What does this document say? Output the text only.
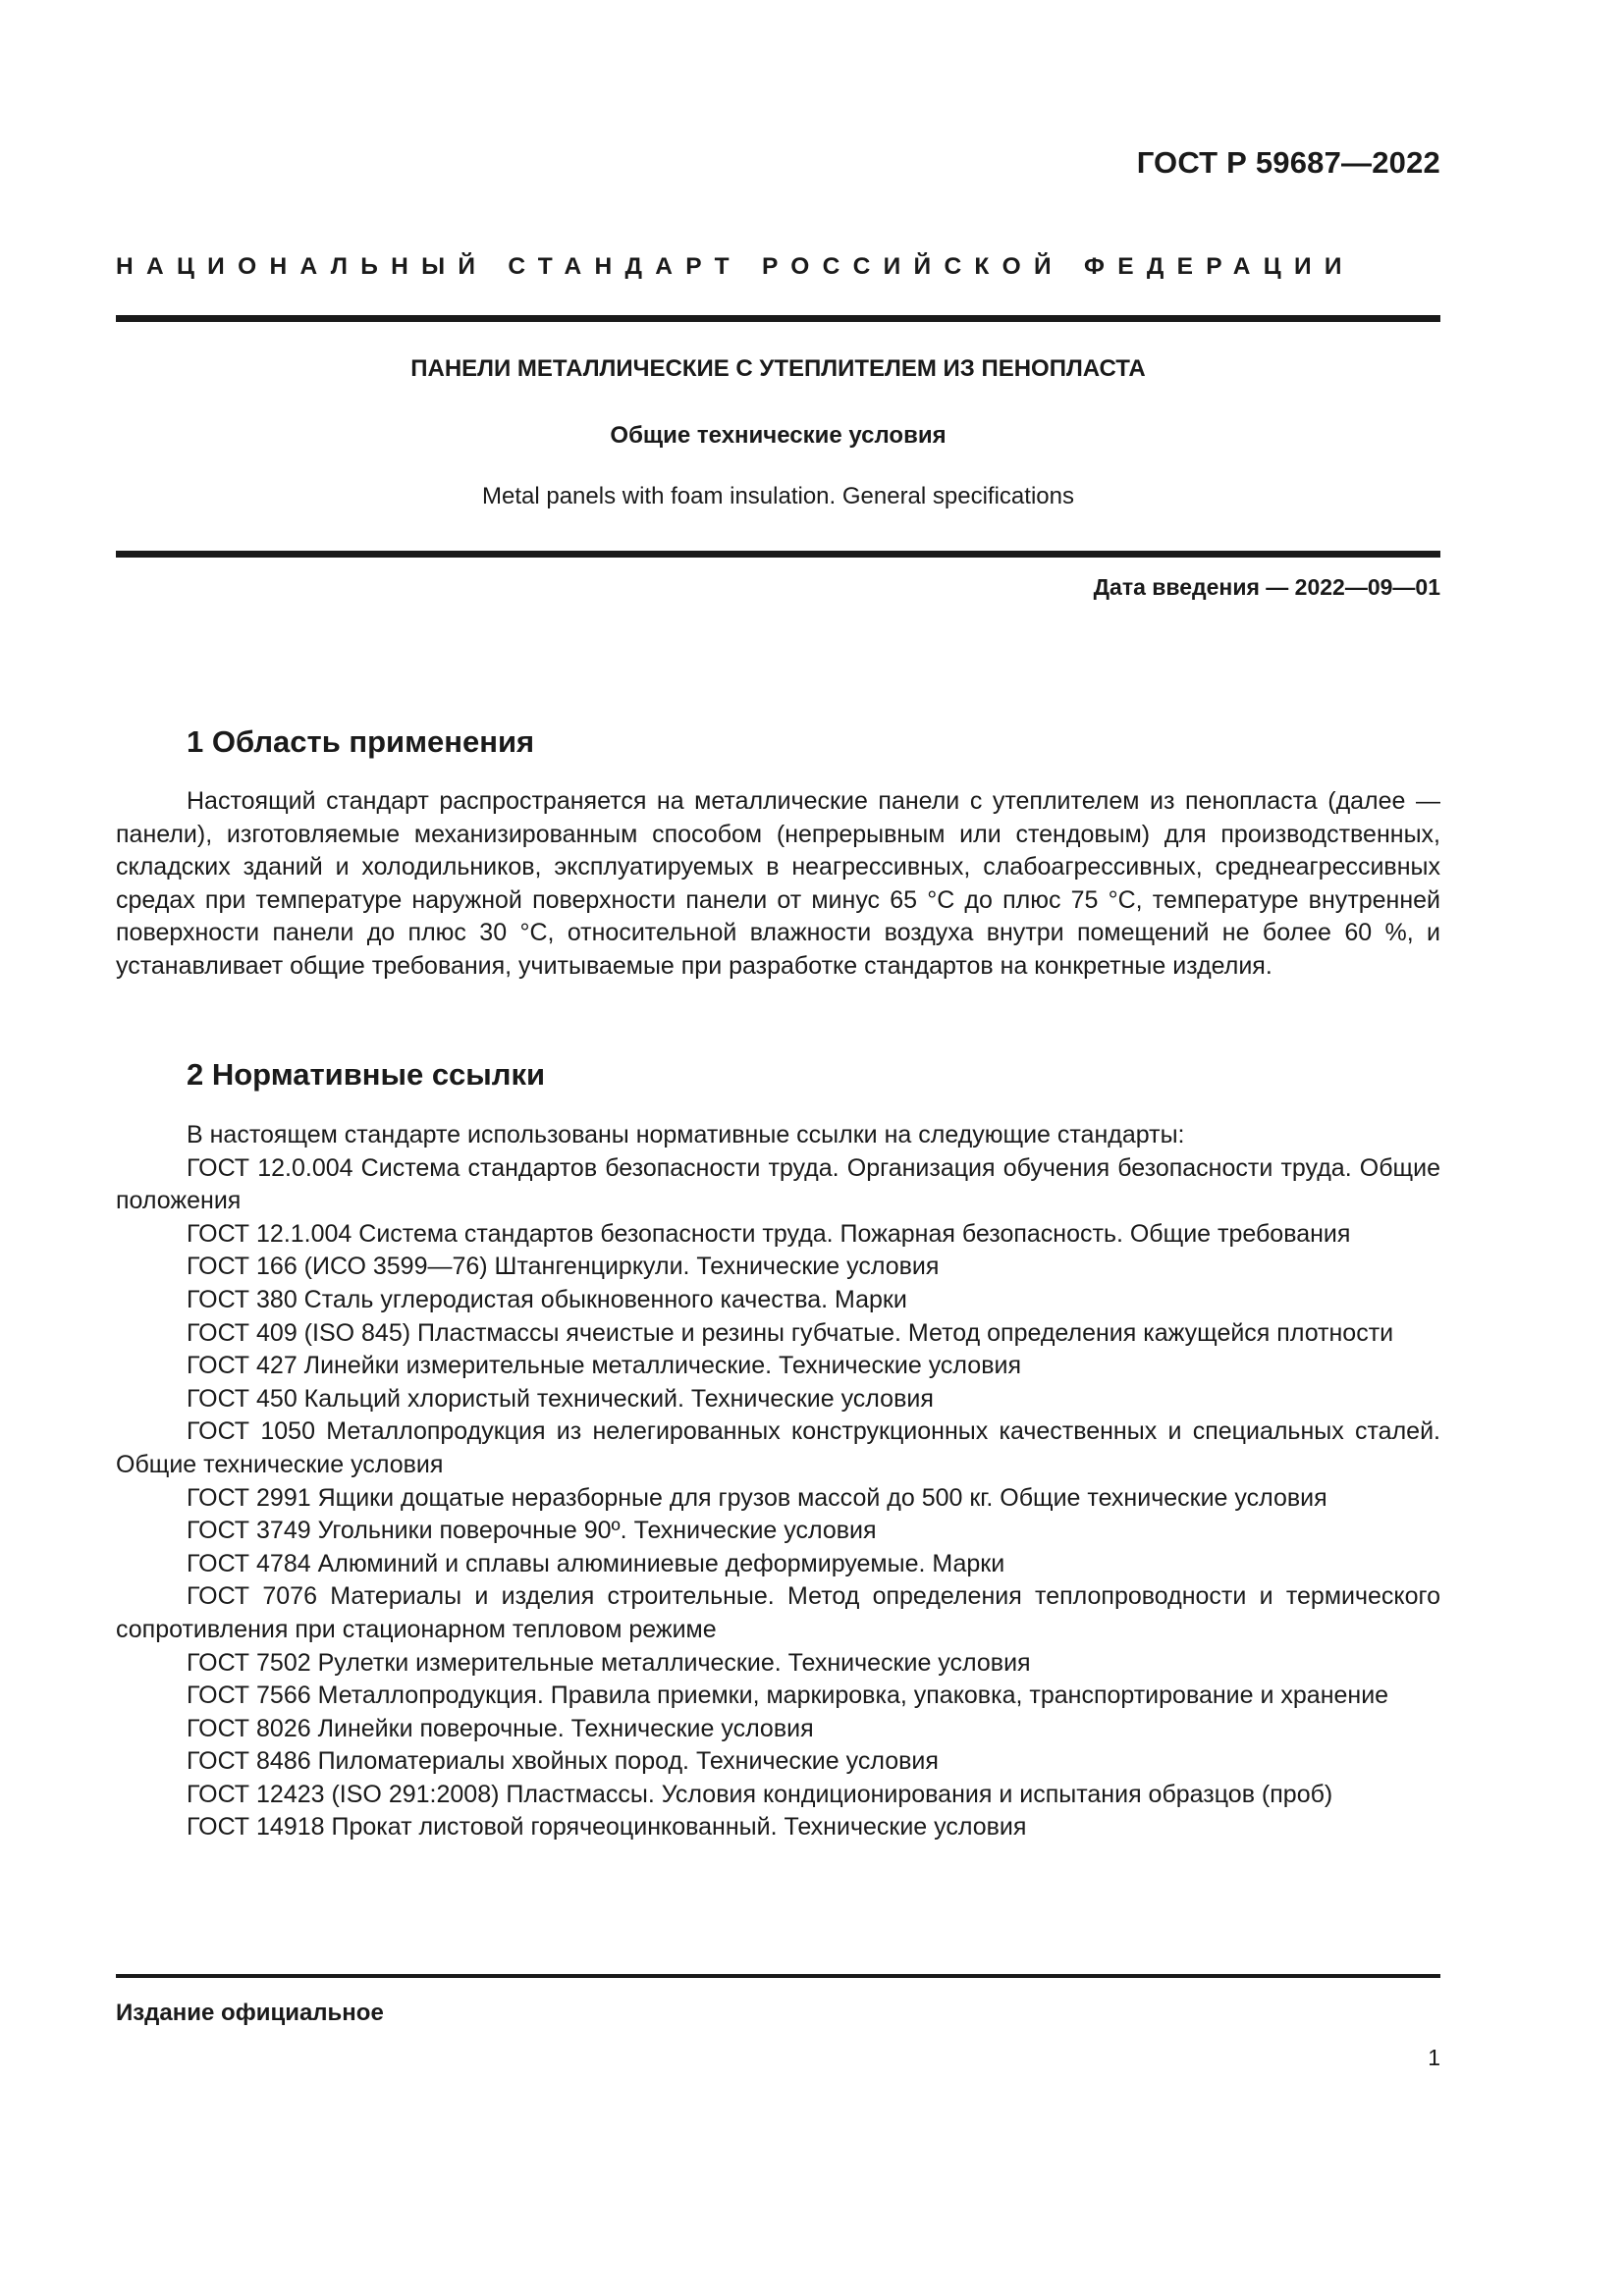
ГОСТ Р 59687—2022
НАЦИОНАЛЬНЫЙ СТАНДАРТ РОССИЙСКОЙ ФЕДЕРАЦИИ
ПАНЕЛИ МЕТАЛЛИЧЕСКИЕ С УТЕПЛИТЕЛЕМ ИЗ ПЕНОПЛАСТА
Общие технические условия
Metal panels with foam insulation. General specifications
Дата введения — 2022—09—01
1 Область применения

Настоящий стандарт распространяется на металлические панели с утеплителем из пенопласта (далее — панели), изготовляемые механизированным способом (непрерывным или стендовым) для производственных, складских зданий и холодильников, эксплуатируемых в неагрессивных, слабоагрессивных, среднеагрессивных средах при температуре наружной поверхности панели от минус 65 °С до плюс 75 °С, температуре внутренней поверхности панели до плюс 30 °С, относительной влажности воздуха внутри помещений не более 60 %, и устанавливает общие требования, учитываемые при разработке стандартов на конкретные изделия.

2 Нормативные ссылки

В настоящем стандарте использованы нормативные ссылки на следующие стандарты:

ГОСТ 12.0.004 Система стандартов безопасности труда. Организация обучения безопасности труда. Общие положения

ГОСТ 12.1.004 Система стандартов безопасности труда. Пожарная безопасность. Общие требования

ГОСТ 166 (ИСО 3599—76) Штангенциркули. Технические условия

ГОСТ 380 Сталь углеродистая обыкновенного качества. Марки

ГОСТ 409 (ISO 845) Пластмассы ячеистые и резины губчатые. Метод определения кажущейся плотности

ГОСТ 427 Линейки измерительные металлические. Технические условия

ГОСТ 450 Кальций хлористый технический. Технические условия

ГОСТ 1050 Металлопродукция из нелегированных конструкционных качественных и специальных сталей. Общие технические условия

ГОСТ 2991 Ящики дощатые неразборные для грузов массой до 500 кг. Общие технические условия

ГОСТ 3749 Угольники поверочные 90º. Технические условия

ГОСТ 4784 Алюминий и сплавы алюминиевые деформируемые. Марки

ГОСТ 7076 Материалы и изделия строительные. Метод определения теплопроводности и термического сопротивления при стационарном тепловом режиме

ГОСТ 7502 Рулетки измерительные металлические. Технические условия

ГОСТ 7566 Металлопродукция. Правила приемки, маркировка, упаковка, транспортирование и хранение

ГОСТ 8026 Линейки поверочные. Технические условия

ГОСТ 8486 Пиломатериалы хвойных пород. Технические условия

ГОСТ 12423 (ISO 291:2008) Пластмассы. Условия кондиционирования и испытания образцов (проб)

ГОСТ 14918 Прокат листовой горячеоцинкованный. Технические условия

Издание официальное
1
